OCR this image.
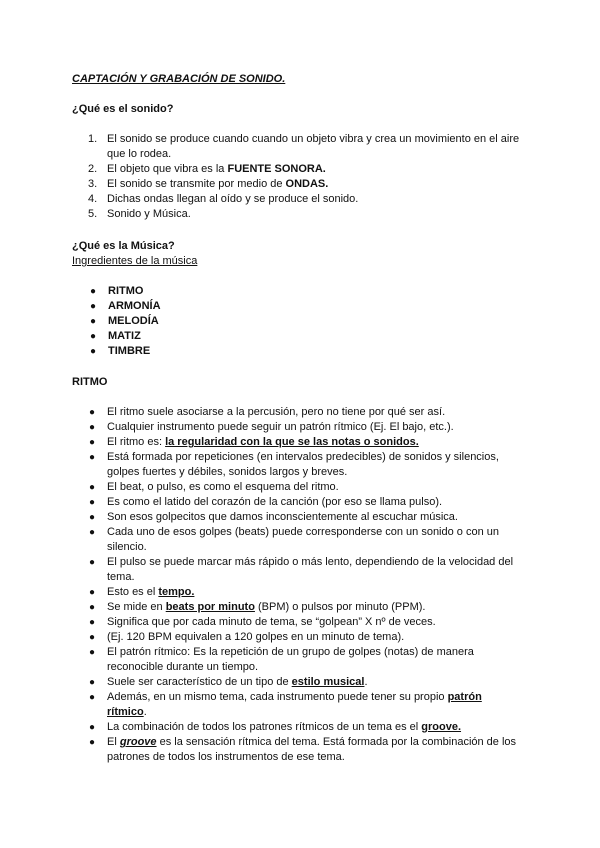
CAPTACIÓN Y GRABACIÓN DE SONIDO.
¿Qué es el sonido?
1. El sonido se produce cuando cuando un objeto vibra y crea un movimiento en el aire
que lo rodea.
2. El objeto que vibra es la FUENTE SONORA.
3. El sonido se transmite por medio de ONDAS.
4. Dichas ondas llegan al oído y se produce el sonido.
5. Sonido y Música.
¿Qué es la Música?
Ingredientes de la música
● RITMO
● ARMONÍA
● MELODÍA
● MATIZ
● TIMBRE
RITMO
● El ritmo suele asociarse a la percusión, pero no tiene por qué ser así.
● Cualquier instrumento puede seguir un patrón rítmico (Ej. El bajo, etc.).
● El ritmo es: la regularidad con la que se las notas o sonidos.
● Está formada por repeticiones (en intervalos predecibles) de sonidos y silencios,
golpes fuertes y débiles, sonidos largos y breves.
● El beat, o pulso, es como el esquema del ritmo.
● Es como el latido del corazón de la canción (por eso se llama pulso).
● Son esos golpecitos que damos inconscientemente al escuchar música.
● Cada uno de esos golpes (beats) puede corresponderse con un sonido o con un
silencio.
● El pulso se puede marcar más rápido o más lento, dependiendo de la velocidad del
tema.
● Esto es el tempo.
● Se mide en beats por minuto (BPM) o pulsos por minuto (PPM).
● Significa que por cada minuto de tema, se “golpean” X nº de veces.
● (Ej. 120 BPM equivalen a 120 golpes en un minuto de tema).
● El patrón rítmico: Es la repetición de un grupo de golpes (notas) de manera
reconocible durante un tiempo.
● Suele ser característico de un tipo de estilo musical.
● Además, en un mismo tema, cada instrumento puede tener su propio patrón
rítmico.
● La combinación de todos los patrones rítmicos de un tema es el groove.
● El groove es la sensación rítmica del tema. Está formada por la combinación de los
patrones de todos los instrumentos de ese tema.
